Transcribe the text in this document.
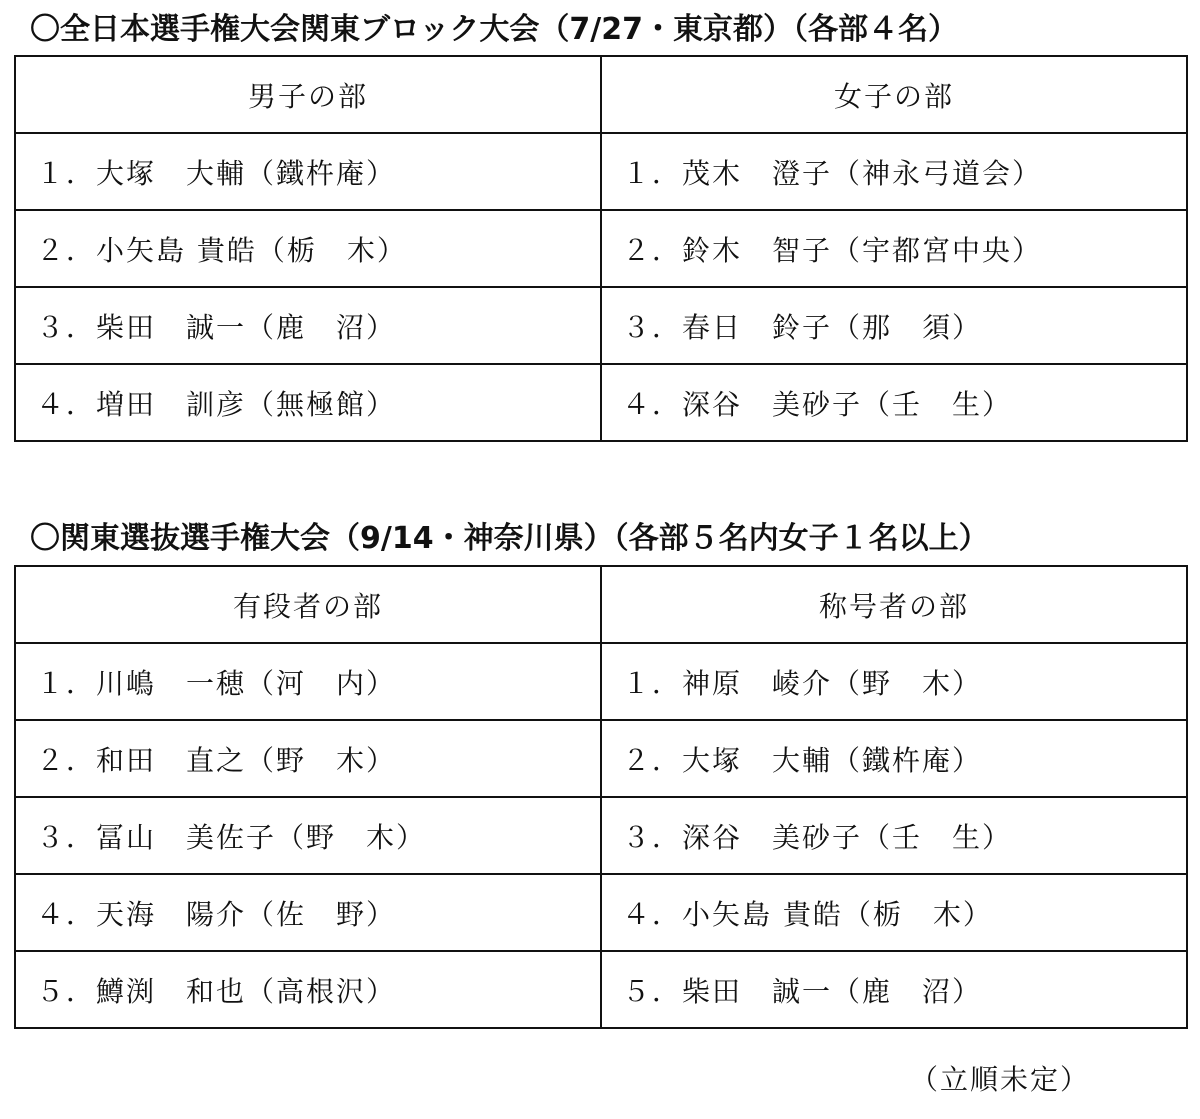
〇全日本選手権大会関東ブロック大会（7/27・東京都）（各部４名）
男子の部	女子の部
１．大塚　大輔（鐵杵庵）	１．茂木　澄子（神永弓道会）
２．小矢島 貴皓（栃　木）	２．鈴木　智子（宇都宮中央）
３．柴田　誠一（鹿　沼）	３．春日　鈴子（那　須）
４．増田　訓彦（無極館）	４．深谷　美砂子（壬　生）
〇関東選抜選手権大会（9/14・神奈川県）（各部５名内女子１名以上）
有段者の部	称号者の部
１．川嶋　一穂（河　内）	１．神原　崚介（野　木）
２．和田　直之（野　木）	２．大塚　大輔（鐵杵庵）
３．冨山　美佐子（野　木）	３．深谷　美砂子（壬　生）
４．天海　陽介（佐　野）	４．小矢島 貴皓（栃　木）
５．鱒渕　和也（高根沢）	５．柴田　誠一（鹿　沼）
（立順未定）
